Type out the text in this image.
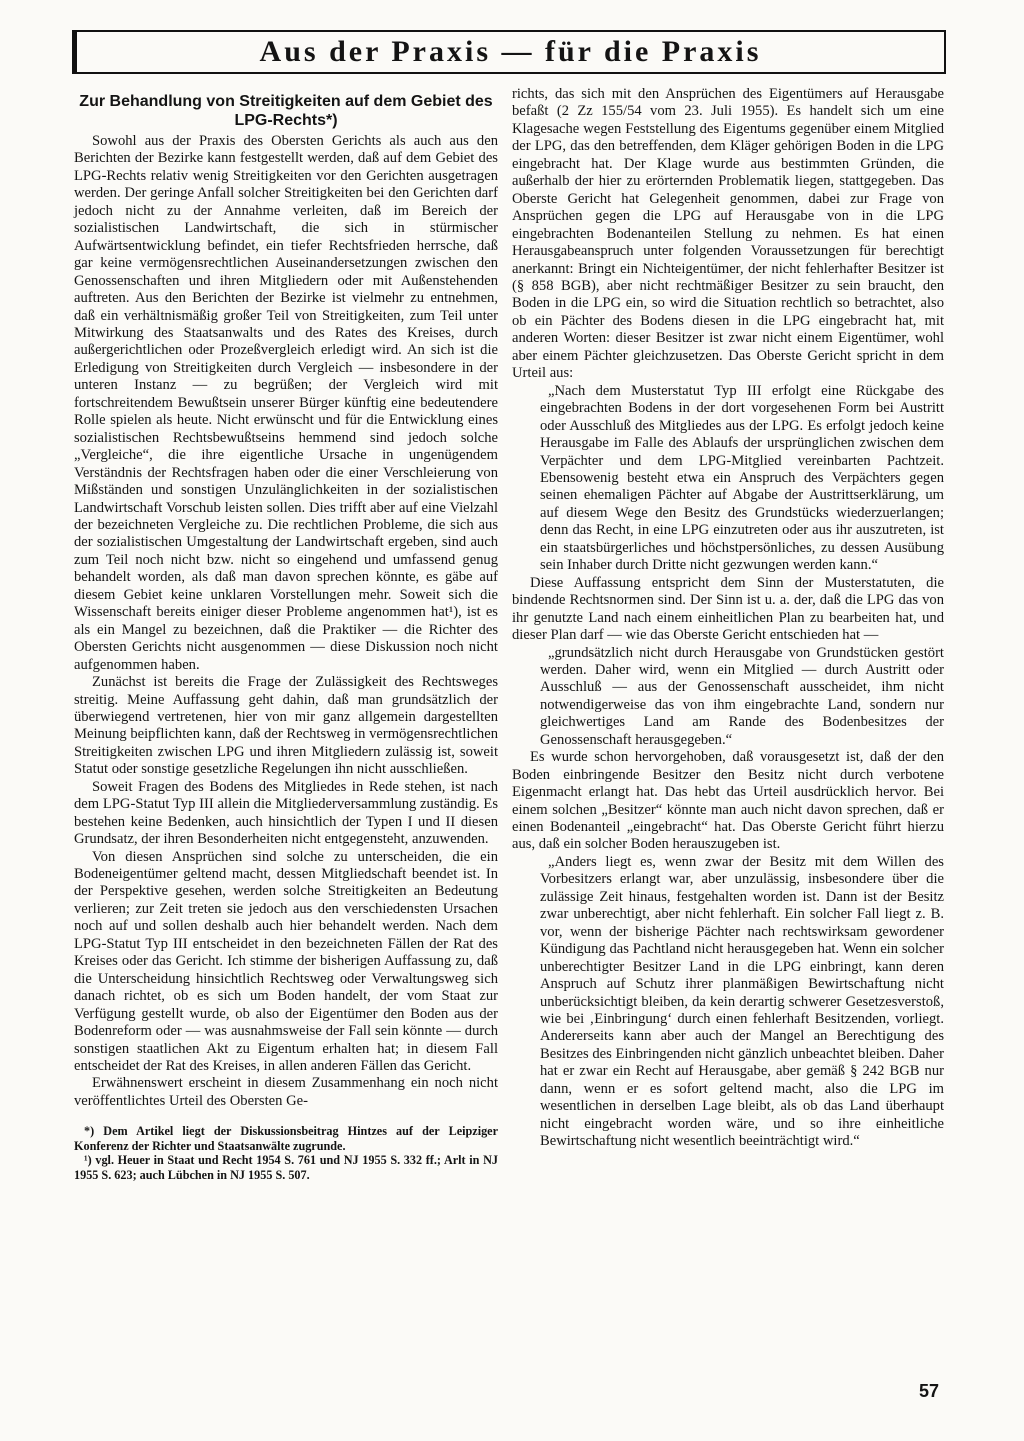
Aus der Praxis — für die Praxis
Zur Behandlung von Streitigkeiten auf dem Gebiet des LPG-Rechts*)

Sowohl aus der Praxis des Obersten Gerichts als auch aus den Berichten der Bezirke kann festgestellt werden, daß auf dem Gebiet des LPG-Rechts relativ wenig Streitigkeiten vor den Gerichten ausgetragen werden. Der geringe Anfall solcher Streitigkeiten bei den Gerichten darf jedoch nicht zu der Annahme verleiten, daß im Bereich der sozialistischen Landwirtschaft, die sich in stürmischer Aufwärtsentwicklung befindet, ein tiefer Rechtsfrieden herrsche, daß gar keine vermögensrechtlichen Auseinandersetzungen zwischen den Genossenschaften und ihren Mitgliedern oder mit Außenstehenden auftreten. Aus den Berichten der Bezirke ist vielmehr zu entnehmen, daß ein verhältnismäßig großer Teil von Streitigkeiten, zum Teil unter Mitwirkung des Staatsanwalts und des Rates des Kreises, durch außergerichtlichen oder Prozeßvergleich erledigt wird. An sich ist die Erledigung von Streitigkeiten durch Vergleich — insbesondere in der unteren Instanz — zu begrüßen; der Vergleich wird mit fortschreitendem Bewußtsein unserer Bürger künftig eine bedeutendere Rolle spielen als heute. Nicht erwünscht und für die Entwicklung eines sozialistischen Rechtsbewußtseins hemmend sind jedoch solche „Vergleiche“, die ihre eigentliche Ursache in ungenügendem Verständnis der Rechtsfragen haben oder die einer Verschleierung von Mißständen und sonstigen Unzulänglichkeiten in der sozialistischen Landwirtschaft Vorschub leisten sollen. Dies trifft aber auf eine Vielzahl der bezeichneten Vergleiche zu. Die rechtlichen Probleme, die sich aus der sozialistischen Umgestaltung der Landwirtschaft ergeben, sind auch zum Teil noch nicht bzw. nicht so eingehend und umfassend genug behandelt worden, als daß man davon sprechen könnte, es gäbe auf diesem Gebiet keine unklaren Vorstellungen mehr. Soweit sich die Wissenschaft bereits einiger dieser Probleme angenommen hat¹), ist es als ein Mangel zu bezeichnen, daß die Praktiker — die Richter des Obersten Gerichts nicht ausgenommen — diese Diskussion noch nicht aufgenommen haben.

Zunächst ist bereits die Frage der Zulässigkeit des Rechtsweges streitig. Meine Auffassung geht dahin, daß man grundsätzlich der überwiegend vertretenen, hier von mir ganz allgemein dargestellten Meinung beipflichten kann, daß der Rechtsweg in vermögensrechtlichen Streitigkeiten zwischen LPG und ihren Mitgliedern zulässig ist, soweit Statut oder sonstige gesetzliche Regelungen ihn nicht ausschließen.

Soweit Fragen des Bodens des Mitgliedes in Rede stehen, ist nach dem LPG-Statut Typ III allein die Mitgliederversammlung zuständig. Es bestehen keine Bedenken, auch hinsichtlich der Typen I und II diesen Grundsatz, der ihren Besonderheiten nicht entgegensteht, anzuwenden.

Von diesen Ansprüchen sind solche zu unterscheiden, die ein Bodeneigentümer geltend macht, dessen Mitgliedschaft beendet ist. In der Perspektive gesehen, werden solche Streitigkeiten an Bedeutung verlieren; zur Zeit treten sie jedoch aus den verschiedensten Ursachen noch auf und sollen deshalb auch hier behandelt werden. Nach dem LPG-Statut Typ III entscheidet in den bezeichneten Fällen der Rat des Kreises oder das Gericht. Ich stimme der bisherigen Auffassung zu, daß die Unterscheidung hinsichtlich Rechtsweg oder Verwaltungsweg sich danach richtet, ob es sich um Boden handelt, der vom Staat zur Verfügung gestellt wurde, ob also der Eigentümer den Boden aus der Bodenreform oder — was ausnahmsweise der Fall sein könnte — durch sonstigen staatlichen Akt zu Eigentum erhalten hat; in diesem Fall entscheidet der Rat des Kreises, in allen anderen Fällen das Gericht.

Erwähnenswert erscheint in diesem Zusammenhang ein noch nicht veröffentlichtes Urteil des Obersten Ge-

*) Dem Artikel liegt der Diskussionsbeitrag Hintzes auf der Leipziger Konferenz der Richter und Staatsanwälte zugrunde.

¹) vgl. Heuer in Staat und Recht 1954 S. 761 und NJ 1955 S. 332 ff.; Arlt in NJ 1955 S. 623; auch Lübchen in NJ 1955 S. 507.

richts, das sich mit den Ansprüchen des Eigentümers auf Herausgabe befaßt (2 Zz 155/54 vom 23. Juli 1955). Es handelt sich um eine Klagesache wegen Feststellung des Eigentums gegenüber einem Mitglied der LPG, das den betreffenden, dem Kläger gehörigen Boden in die LPG eingebracht hat. Der Klage wurde aus bestimmten Gründen, die außerhalb der hier zu erörternden Problematik liegen, stattgegeben. Das Oberste Gericht hat Gelegenheit genommen, dabei zur Frage von Ansprüchen gegen die LPG auf Herausgabe von in die LPG eingebrachten Bodenanteilen Stellung zu nehmen. Es hat einen Herausgabeanspruch unter folgenden Voraussetzungen für berechtigt anerkannt: Bringt ein Nichteigentümer, der nicht fehlerhafter Besitzer ist (§ 858 BGB), aber nicht rechtmäßiger Besitzer zu sein braucht, den Boden in die LPG ein, so wird die Situation rechtlich so betrachtet, also ob ein Pächter des Bodens diesen in die LPG eingebracht hat, mit anderen Worten: dieser Besitzer ist zwar nicht einem Eigentümer, wohl aber einem Pächter gleichzusetzen. Das Oberste Gericht spricht in dem Urteil aus:

„Nach dem Musterstatut Typ III erfolgt eine Rückgabe des eingebrachten Bodens in der dort vorgesehenen Form bei Austritt oder Ausschluß des Mitgliedes aus der LPG. Es erfolgt jedoch keine Herausgabe im Falle des Ablaufs der ursprünglichen zwischen dem Verpächter und dem LPG-Mitglied vereinbarten Pachtzeit. Ebensowenig besteht etwa ein Anspruch des Verpächters gegen seinen ehemaligen Pächter auf Abgabe der Austrittserklärung, um auf diesem Wege den Besitz des Grundstücks wiederzuerlangen; denn das Recht, in eine LPG einzutreten oder aus ihr auszutreten, ist ein staatsbürgerliches und höchstpersönliches, zu dessen Ausübung sein Inhaber durch Dritte nicht gezwungen werden kann.“

Diese Auffassung entspricht dem Sinn der Musterstatuten, die bindende Rechtsnormen sind. Der Sinn ist u. a. der, daß die LPG das von ihr genutzte Land nach einem einheitlichen Plan zu bearbeiten hat, und dieser Plan darf — wie das Oberste Gericht entschieden hat —

„grundsätzlich nicht durch Herausgabe von Grundstücken gestört werden. Daher wird, wenn ein Mitglied — durch Austritt oder Ausschluß — aus der Genossenschaft ausscheidet, ihm nicht notwendigerweise das von ihm eingebrachte Land, sondern nur gleichwertiges Land am Rande des Bodenbesitzes der Genossenschaft herausgegeben.“

Es wurde schon hervorgehoben, daß vorausgesetzt ist, daß der den Boden einbringende Besitzer den Besitz nicht durch verbotene Eigenmacht erlangt hat. Das hebt das Urteil ausdrücklich hervor. Bei einem solchen „Besitzer“ könnte man auch nicht davon sprechen, daß er einen Bodenanteil „eingebracht“ hat. Das Oberste Gericht führt hierzu aus, daß ein solcher Boden herauszugeben ist.

„Anders liegt es, wenn zwar der Besitz mit dem Willen des Vorbesitzers erlangt war, aber unzulässig, insbesondere über die zulässige Zeit hinaus, festgehalten worden ist. Dann ist der Besitz zwar unberechtigt, aber nicht fehlerhaft. Ein solcher Fall liegt z. B. vor, wenn der bisherige Pächter nach rechtswirksam gewordener Kündigung das Pachtland nicht herausgegeben hat. Wenn ein solcher unberechtigter Besitzer Land in die LPG einbringt, kann deren Anspruch auf Schutz ihrer planmäßigen Bewirtschaftung nicht unberücksichtigt bleiben, da kein derartig schwerer Gesetzesverstoß, wie bei ‚Einbringung‘ durch einen fehlerhaft Besitzenden, vorliegt. Andererseits kann aber auch der Mangel an Berechtigung des Besitzes des Einbringenden nicht gänzlich unbeachtet bleiben. Daher hat er zwar ein Recht auf Herausgabe, aber gemäß § 242 BGB nur dann, wenn er es sofort geltend macht, also die LPG im wesentlichen in derselben Lage bleibt, als ob das Land überhaupt nicht eingebracht worden wäre, und so ihre einheitliche Bewirtschaftung nicht wesentlich beeinträchtigt wird.“

57
